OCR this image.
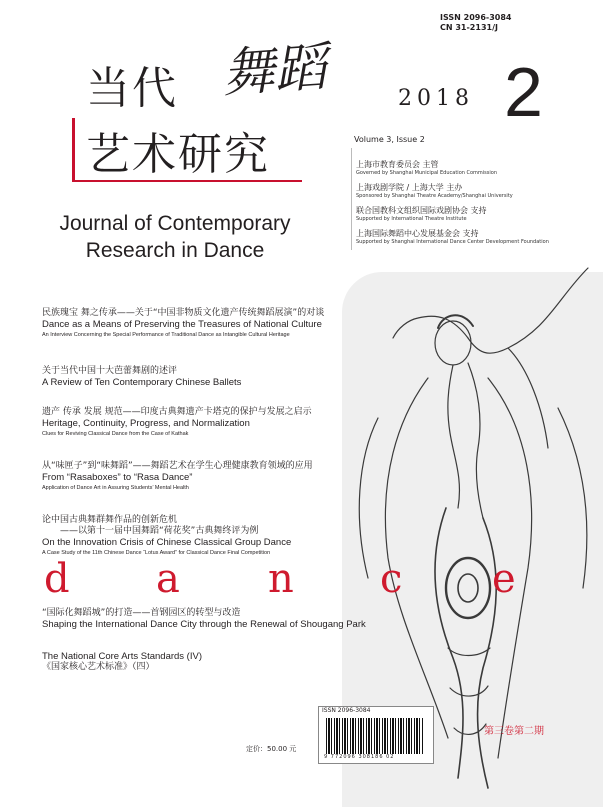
ISSN 2096-3084
CN 31-2131/J
当代 舞蹈
艺术研究
2018 2
Volume 3, Issue 2
上海市教育委员会 主管
Governed by Shanghai Municipal Education Commission
上海戏剧学院 / 上海大学 主办
Sponsored by Shanghai Theatre Academy/Shanghai University
联合国教科文组织国际戏剧协会 支持
Supported by International Theatre Institute
上海国际舞蹈中心发展基金会 支持
Supported by Shanghai International Dance Center Development Foundation
Journal of Contemporary
Research in Dance
民族瑰宝 舞之传承——关于“中国非物质文化遗产传统舞蹈展演”的对谈
Dance as a Means of Preserving the Treasures of National Culture
An Interview Concerning the Special Performance of Traditional Dance as Intangible Cultural Heritage
关于当代中国十大芭蕾舞剧的述评
A Review of Ten Contemporary Chinese Ballets
遗产 传承 发展 规范——印度古典舞遗产卡塔克的保护与发展之启示
Heritage, Continuity, Progress, and Normalization
Clues for Reviving Classical Dance from the Case of Kathak
从“味匣子”到“味舞蹈”——舞蹈艺术在学生心理健康教育领域的应用
From “Rasaboxes” to “Rasa Dance”
Application of Dance Art in Assuring Students’ Mental Health
论中国古典舞群舞作品的创新危机
——以第十一届中国舞蹈“荷花奖”古典舞终评为例
On the Innovation Crisis of Chinese Classical Group Dance
A Case Study of the 11th Chinese Dance “Lotus Award” for Classical Dance Final Competition
d	a	n	c	e
“国际化舞蹈城”的打造——首钢园区的转型与改造
Shaping the International Dance City through the Renewal of Shougang Park
The National Core Arts Standards (IV)
《国家核心艺术标准》（四）
ISSN 2096-3084
9 772096 308186 02
定价：50.00 元
第三卷第二期
